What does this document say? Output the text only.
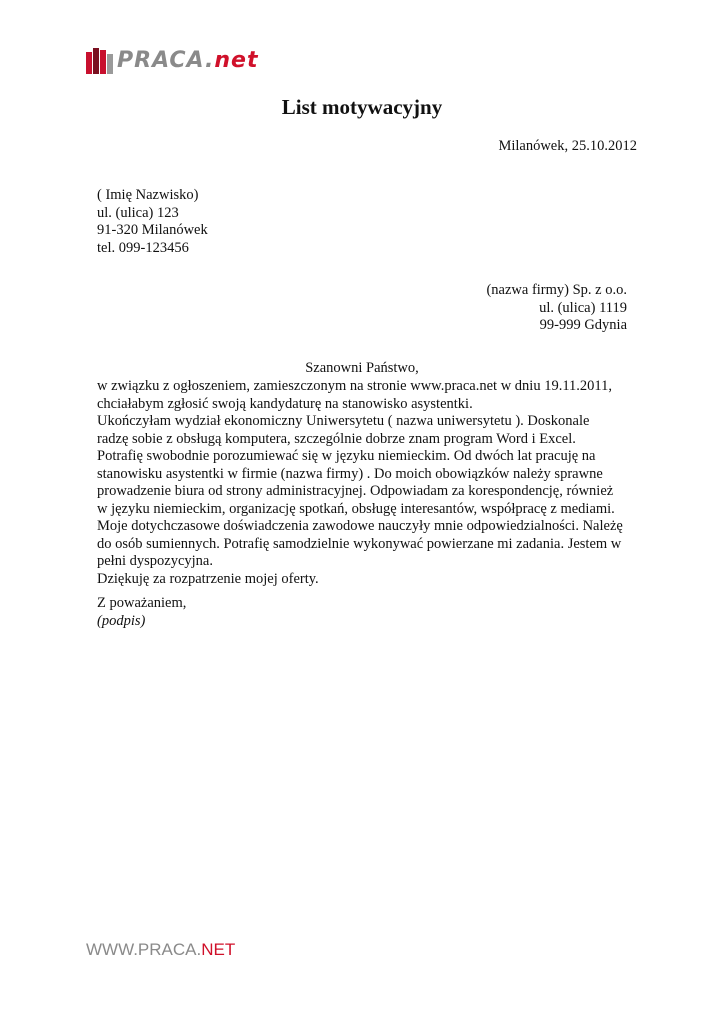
PRACA.net
List motywacyjny
Milanówek, 25.10.2012
( Imię Nazwisko)
ul. (ulica) 123
91-320 Milanówek
tel. 099-123456
(nazwa firmy) Sp. z o.o.
ul. (ulica) 1119
99-999 Gdynia
Szanowni Państwo,

w związku z ogłoszeniem, zamieszczonym na stronie www.praca.net w dniu 19.11.2011,

chciałabym zgłosić swoją kandydaturę na stanowisko asystentki.

Ukończyłam wydział ekonomiczny Uniwersytetu ( nazwa uniwersytetu ). Doskonale

radzę sobie z obsługą komputera, szczególnie dobrze znam program Word i Excel.

Potrafię swobodnie porozumiewać się w języku niemieckim. Od dwóch lat pracuję na

stanowisku asystentki w firmie (nazwa firmy) . Do moich obowiązków należy sprawne

prowadzenie biura od strony administracyjnej. Odpowiadam za korespondencję, również

w języku niemieckim, organizację spotkań, obsługę interesantów, współpracę z mediami.

Moje dotychczasowe doświadczenia zawodowe nauczyły mnie odpowiedzialności. Należę

do osób sumiennych. Potrafię samodzielnie wykonywać powierzane mi zadania. Jestem w

pełni dyspozycyjna.

Dziękuję za rozpatrzenie mojej oferty.

Z poważaniem,
(podpis)
WWW.PRACA.NET
